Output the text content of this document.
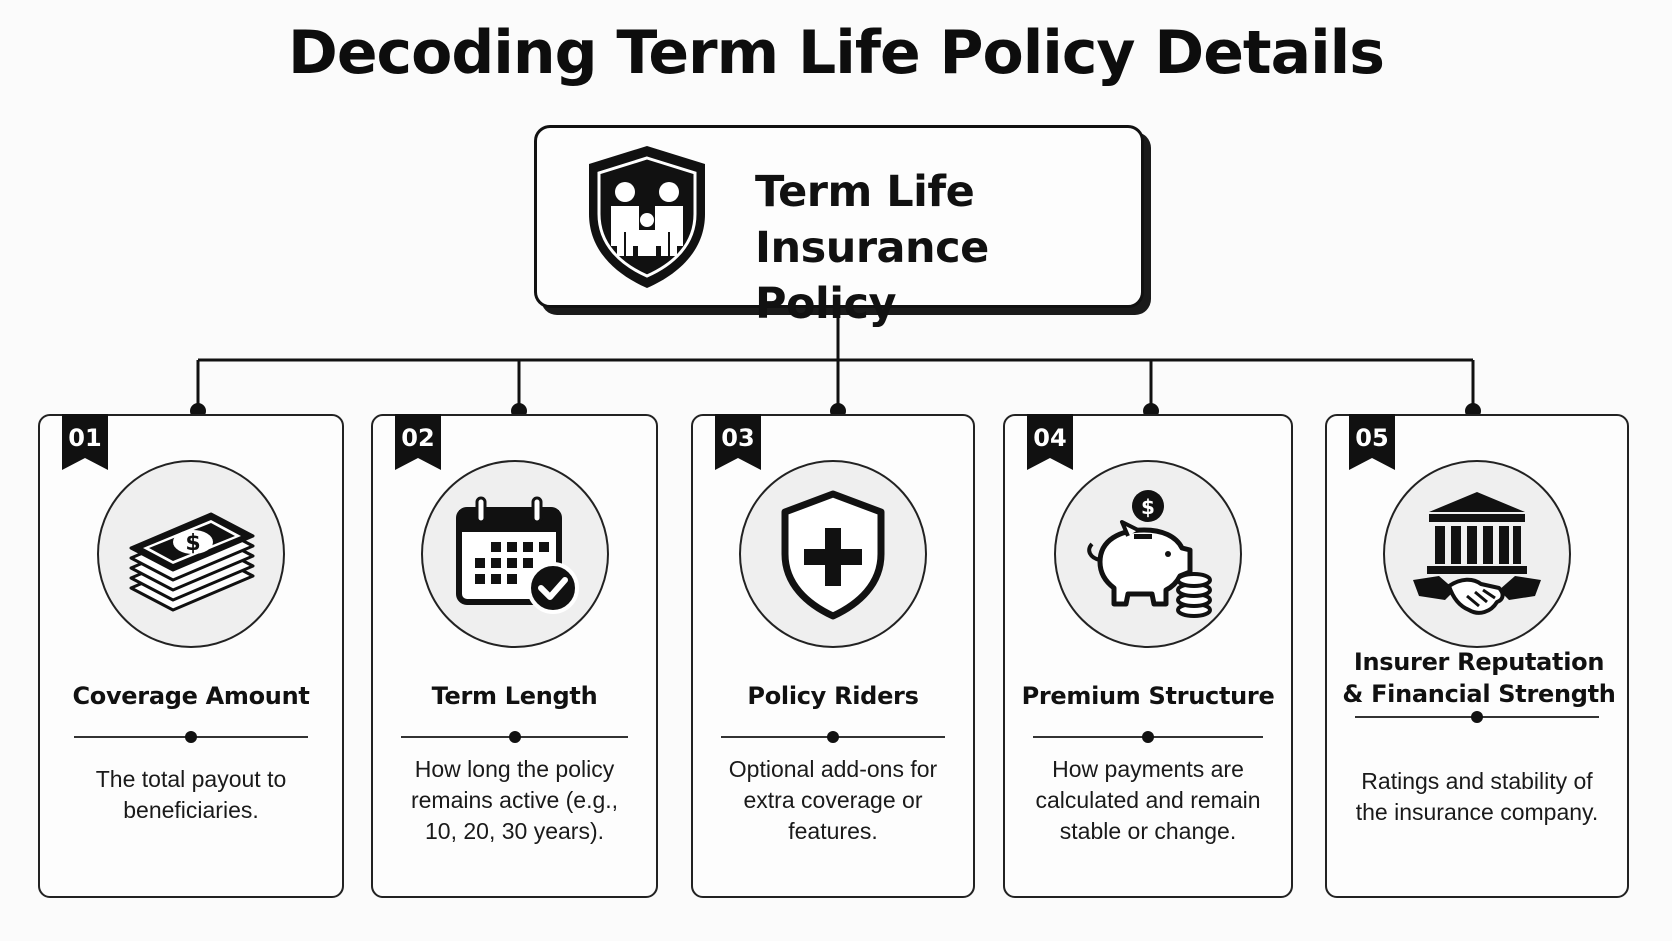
Decoding Term Life Policy Details
Term Life
Insurance Policy
01
$
Coverage Amount
The total payout to beneficiaries.
02
Term Length
How long the policy remains active (e.g., 10, 20, 30 years).
03
Policy Riders
Optional add-ons for extra coverage or features.
04
$
Premium Structure
How payments are calculated and remain stable or change.
05
Insurer Reputation & Financial Strength
Ratings and stability of the insurance company.
